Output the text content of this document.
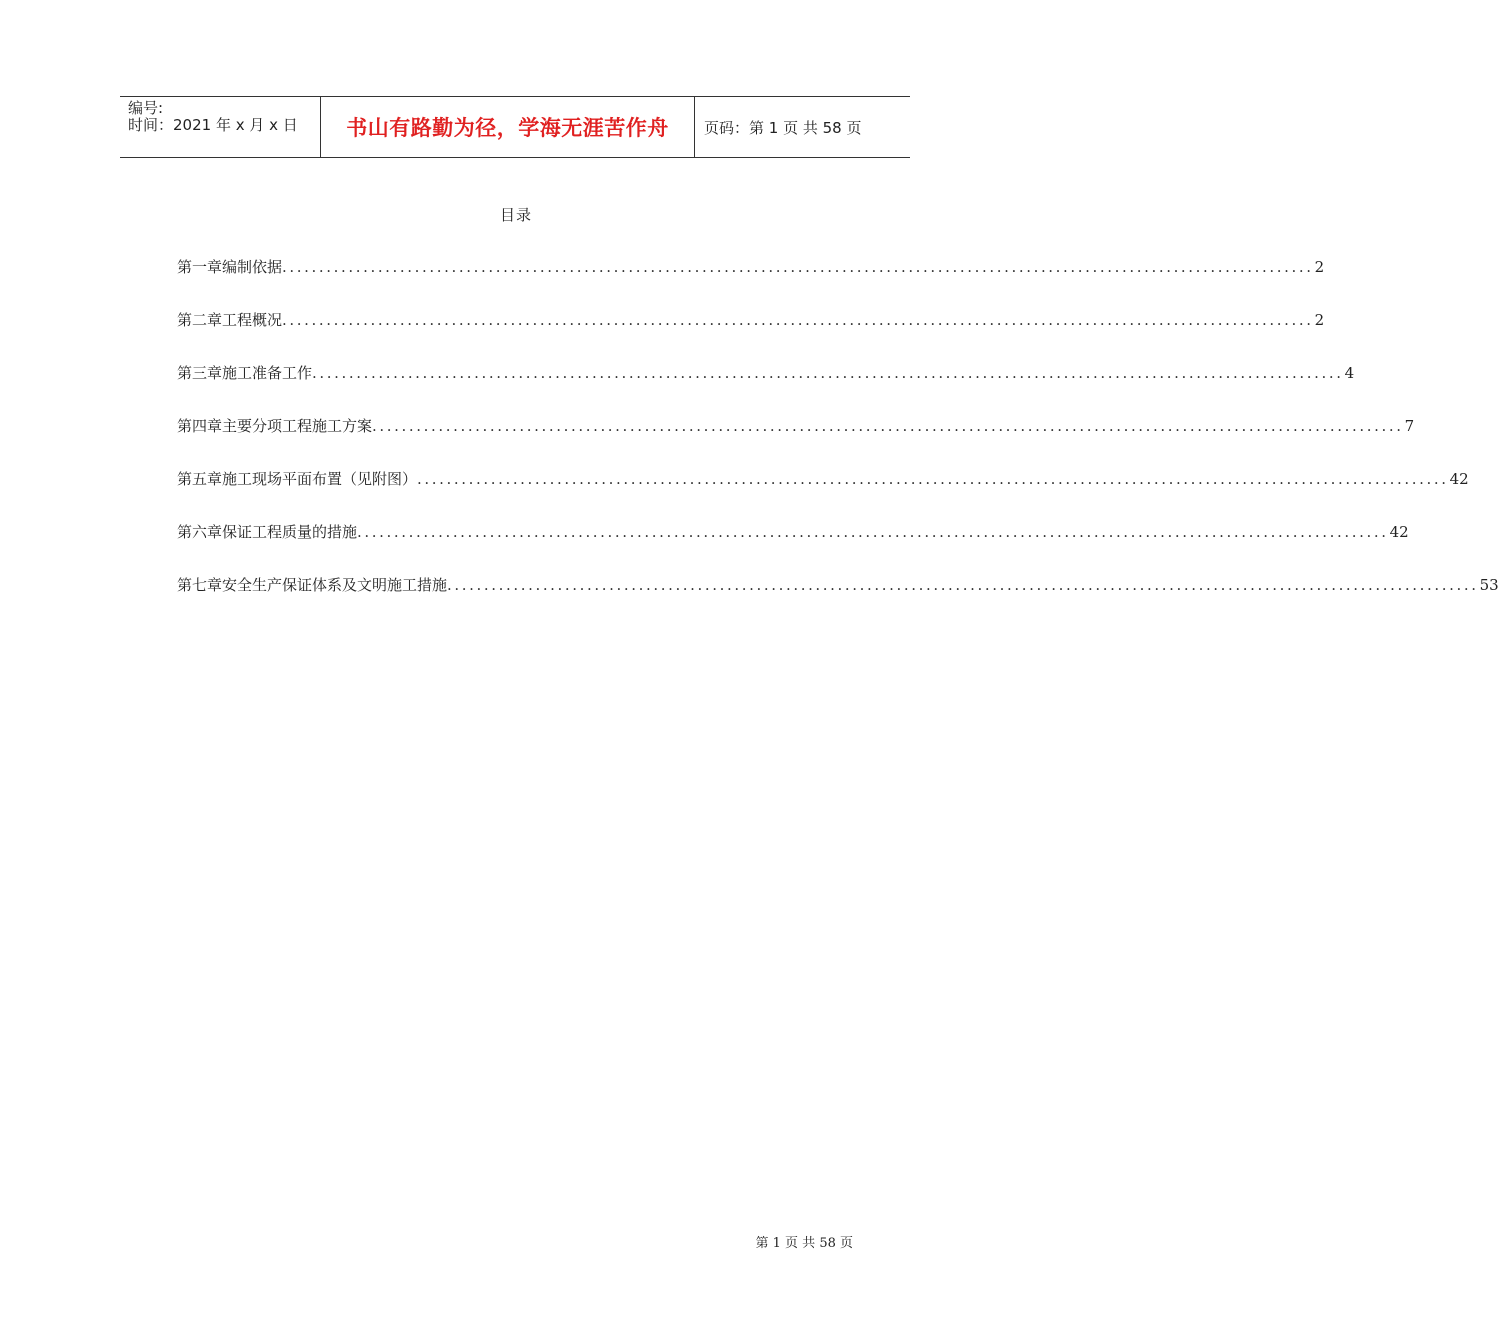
编号:
时间：2021 年 x 月 x 日 书山有路勤为径，学海无涯苦作舟 页码：第 1 页 共 58 页
目录
第一章 编制依据 ............................................................................................................................................ 2
第二章 工程概况 ............................................................................................................................................ 2
第三章 施工准备工作 ............................................................................................................................................ 4
第四章 主要分项工程施工方案 ............................................................................................................................................ 7
第五章 施工现场平面布置（见附图） ............................................................................................................................................ 42
第六章 保证工程质量的措施 ............................................................................................................................................ 42
第七章 安全生产保证体系及文明施工措施 ............................................................................................................................................ 53
第 1 页 共 58 页
